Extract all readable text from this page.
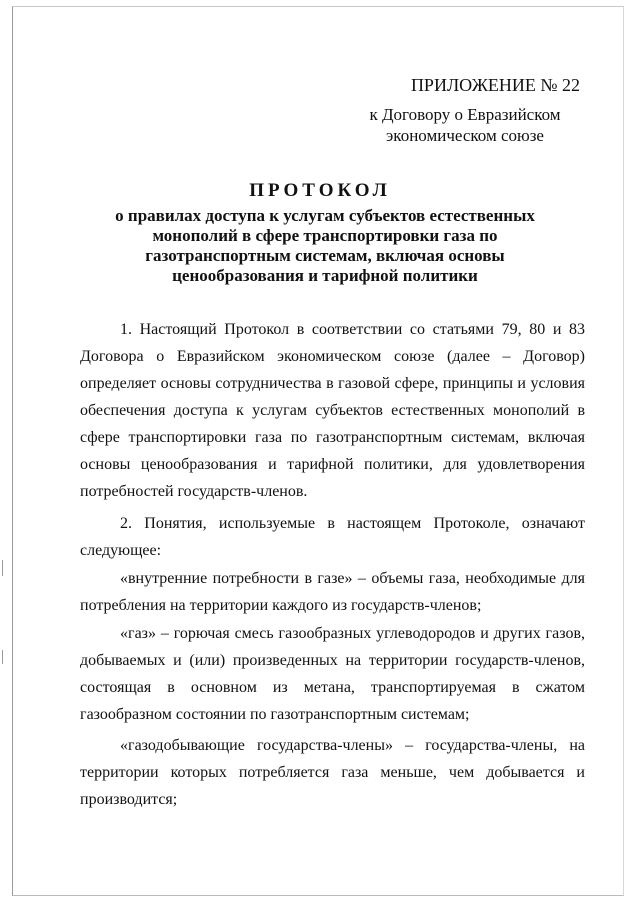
ПРИЛОЖЕНИЕ № 22
к Договору о Евразийском
экономическом союзе
ПРОТОКОЛ
о правилах доступа к услугам субъектов естественных монополий в сфере транспортировки газа по газотранспортным системам, включая основы ценообразования и тарифной политики

1. Настоящий Протокол в соответствии со статьями 79, 80 и 83 Договора о Евразийском экономическом союзе (далее – Договор) определяет основы сотрудничества в газовой сфере, принципы и условия обеспечения доступа к услугам субъектов естественных монополий в сфере транспортировки газа по газотранспортным системам, включая основы ценообразования и тарифной политики, для удовлетворения потребностей государств-членов.

2. Понятия, используемые в настоящем Протоколе, означают следующее:

«внутренние потребности в газе» – объемы газа, необходимые для потребления на территории каждого из государств-членов;

«газ» – горючая смесь газообразных углеводородов и других газов, добываемых и (или) произведенных на территории государств-членов, состоящая в основном из метана, транспортируемая в сжатом газообразном состоянии по газотранспортным системам;

«газодобывающие государства-члены» – государства-члены, на территории которых потребляется газа меньше, чем добывается и производится;
